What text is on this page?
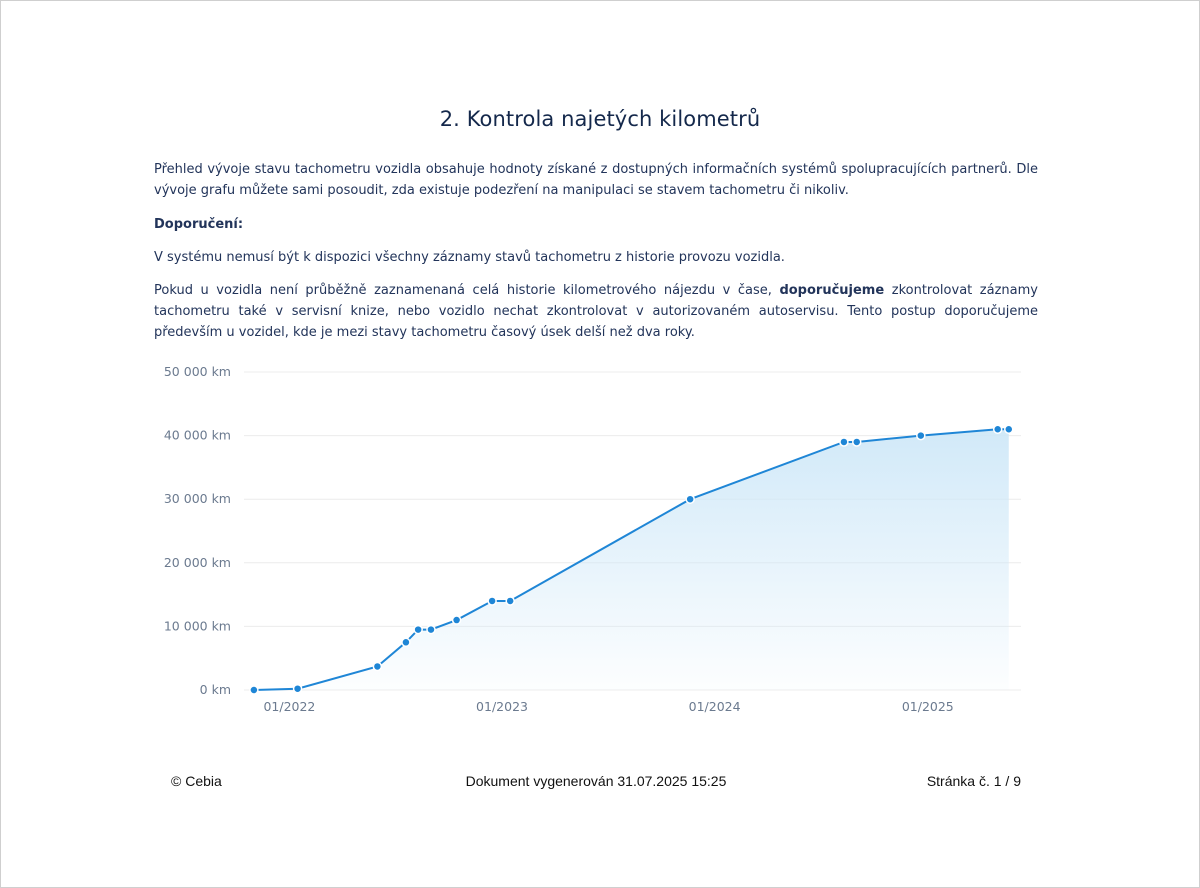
2. Kontrola najetých kilometrů

Přehled vývoje stavu tachometru vozidla obsahuje hodnoty získané z dostupných informačních systémů spolupracujících partnerů. Dle vývoje grafu můžete sami posoudit, zda existuje podezření na manipulaci se stavem tachometru či nikoliv.

Doporučení:

V systému nemusí být k dispozici všechny záznamy stavů tachometru z historie provozu vozidla.

Pokud u vozidla není průběžně zaznamenaná celá historie kilometrového nájezdu v čase, doporučujeme zkontrolovat záznamy tachometru také v servisní knize, nebo vozidlo nechat zkontrolovat v autorizovaném autoservisu. Tento postup doporučujeme především u vozidel, kde je mezi stavy tachometru časový úsek delší než dva roky.

0 km
10 000 km
20 000 km
30 000 km
40 000 km
50 000 km
01/2022	01/2023	01/2024	01/2025
© Cebia	Dokument vygenerován 31.07.2025 15:25	Stránka č. 1 / 9
